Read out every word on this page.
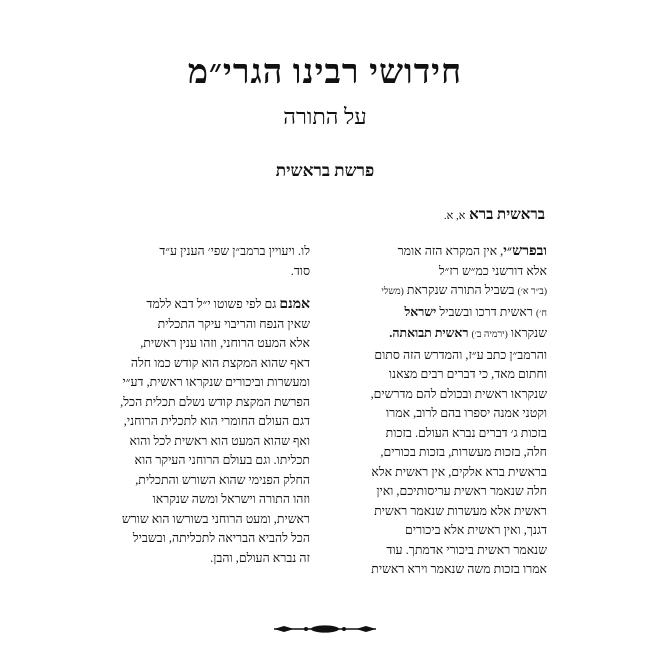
חידושי רבינו הגרי״מ
על התורה
פרשת בראשית
בראשית ברא א, א.

ובפרש״י, אין המקרא הזה אומר

אלא דורשני כמ״ש רז״ל

(ב״ר א׳) בשביל התורה שנקראת (משלי

ח׳) ראשית דרכו ובשביל ישראל

שנקראו (ירמיה ב׳) ראשית תבואתה.

והרמב״ן כתב ע״ז, והמדרש הזה סתום

וחתום מאד, כי דברים רבים מצאנו

שנקראו ראשית ובכולם להם מדרשים,

וקטני אמנה יספרו בהם לרוב, אמרו

בזכות ג׳ דברים נברא העולם. בזכות

חלה, בזכות מעשרות, בזכות בכורים,

בראשית ברא אלקים, אין ראשית אלא

חלה שנאמר ראשית עריסותיכם, ואין

ראשית אלא מעשרות שנאמר ראשית

דגנך, ואין ראשית אלא ביכורים

שנאמר ראשית ביכורי אדמתך. עוד

אמרו בזכות משה שנאמר וירא ראשית

לו. ויעויין ברמב״ן שפי׳ הענין ע״ד

סוד.

אמנם גם לפי פשוטו י״ל דבא ללמד

שאין הנפח והריבוי עיקר התכלית

אלא המעט הרוחני, וזהו ענין ראשית,

דאף שהוא המקצת הוא קודש כמו חלה

ומעשרות וביכורים שנקראו ראשית, דע״י

הפרשת המקצת קודש נשלם תכלית הכל,

דגם העולם החומרי הוא לתכלית הרוחני,

ואף שהוא המעט הוא ראשית לכל והוא

תכליתו. וגם בעולם הרוחני העיקר הוא

החלק הפנימי שהוא השורש והתכלית,

וזהו התורה וישראל ומשה שנקראו

ראשית, ומעט הרוחני בשורשו הוא שורש

הכל להביא הבריאה לתכליתה, ובשביל

זה נברא העולם, והבן.
